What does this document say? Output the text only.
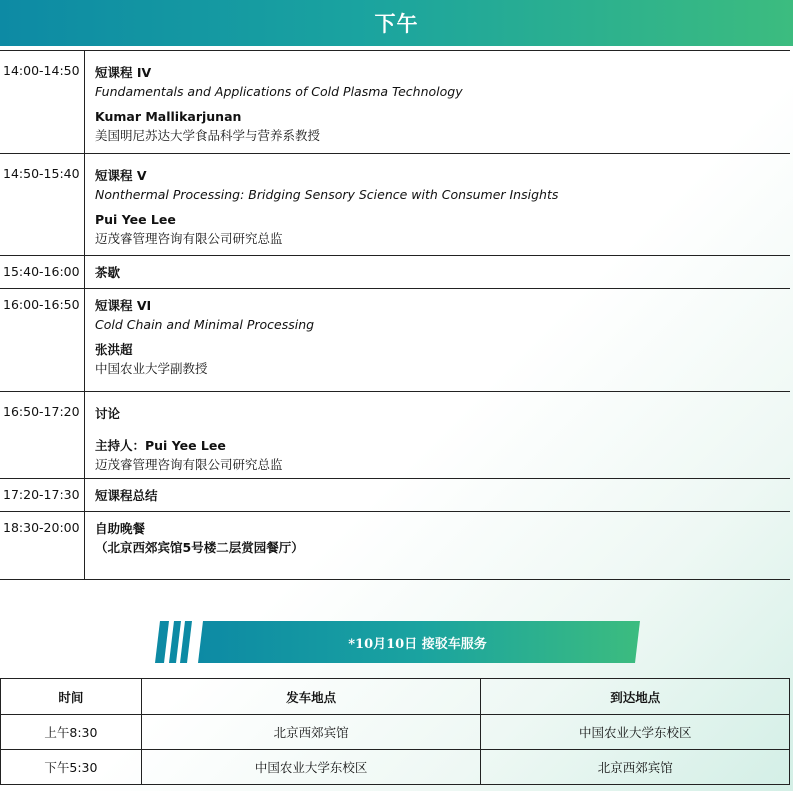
下午
14:00-14:50 短课程 IV
Fundamentals and Applications of Cold Plasma Technology
Kumar Mallikarjunan
美国明尼苏达大学食品科学与营养系教授
14:50-15:40 短课程 V
Nonthermal Processing: Bridging Sensory Science with Consumer Insights
Pui Yee Lee
迈茂睿管理咨询有限公司研究总监
15:40-16:00 茶歇
16:00-16:50 短课程 VI
Cold Chain and Minimal Processing
张洪超
中国农业大学副教授
16:50-17:20 讨论
主持人：Pui Yee Lee
迈茂睿管理咨询有限公司研究总监
17:20-17:30 短课程总结
18:30-20:00 自助晚餐
（北京西郊宾馆5号楼二层赏园餐厅）
*10月10日 接驳车服务
时间	发车地点	到达地点
上午8:30	北京西郊宾馆	中国农业大学东校区
下午5:30	中国农业大学东校区	北京西郊宾馆
